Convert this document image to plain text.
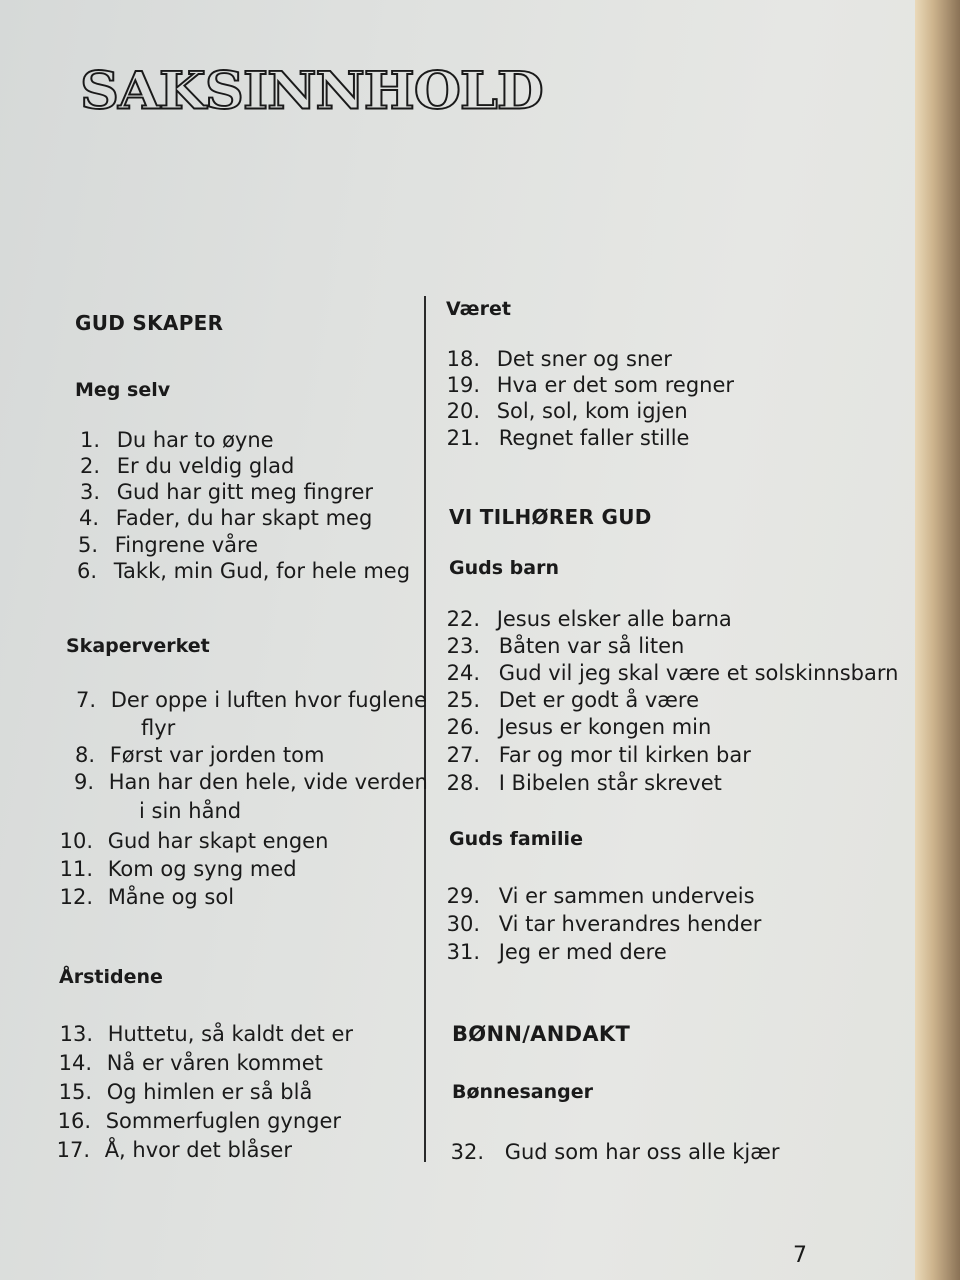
SAKSINNHOLD
GUD SKAPER
Meg selv
1. Du har to øyne
2. Er du veldig glad
3. Gud har gitt meg fingrer
4. Fader, du har skapt meg
5. Fingrene våre
6. Takk, min Gud, for hele meg
Skaperverket
7. Der oppe i luften hvor fuglene
flyr
8. Først var jorden tom
9. Han har den hele, vide verden
i sin hånd
10. Gud har skapt engen
11. Kom og syng med
12. Måne og sol
Årstidene
13. Huttetu, så kaldt det er
14. Nå er våren kommet
15. Og himlen er så blå
16. Sommerfuglen gynger
17. Å, hvor det blåser
Været
18. Det sner og sner
19. Hva er det som regner
20. Sol, sol, kom igjen
21. Regnet faller stille
VI TILHØRER GUD
Guds barn
22. Jesus elsker alle barna
23. Båten var så liten
24. Gud vil jeg skal være et solskinnsbarn
25. Det er godt å være
26. Jesus er kongen min
27. Far og mor til kirken bar
28. I Bibelen står skrevet
Guds familie
29. Vi er sammen underveis
30. Vi tar hverandres hender
31. Jeg er med dere
BØNN/ANDAKT
Bønnesanger
32. Gud som har oss alle kjær
7
